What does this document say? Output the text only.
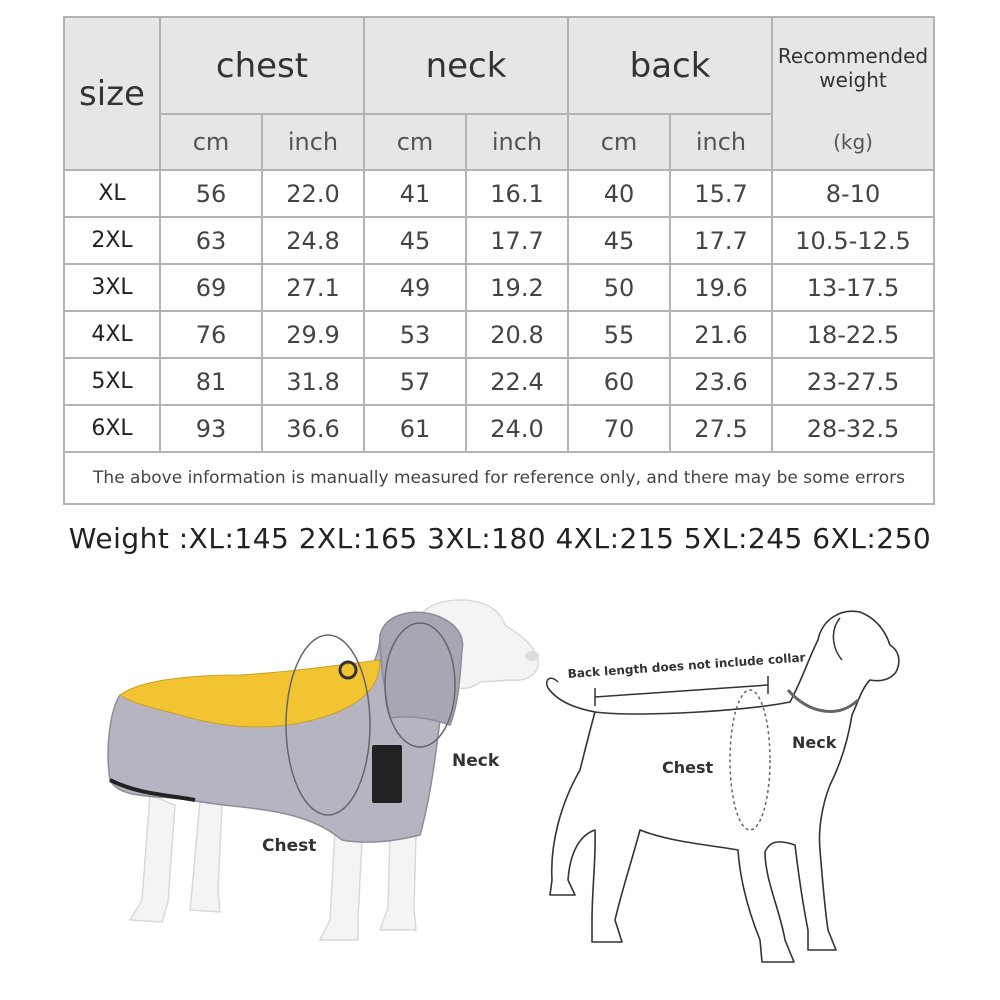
size	chest		neck		back		Recommended
weight
	cm	inch	cm	inch	cm	inch	(kg)
XL	56	22.0	41	16.1	40	15.7	8-10
2XL	63	24.8	45	17.7	45	17.7	10.5-12.5
3XL	69	27.1	49	19.2	50	19.6	13-17.5
4XL	76	29.9	53	20.8	55	21.6	18-22.5
5XL	81	31.8	57	22.4	60	23.6	23-27.5
6XL	93	36.6	61	24.0	70	27.5	28-32.5
The above information is manually measured for reference only, and there may be some errors							
Weight :XL:145 2XL:165 3XL:180 4XL:215 5XL:245 6XL:250
Neck
Chest
Back length does not include collar
Chest
Neck
